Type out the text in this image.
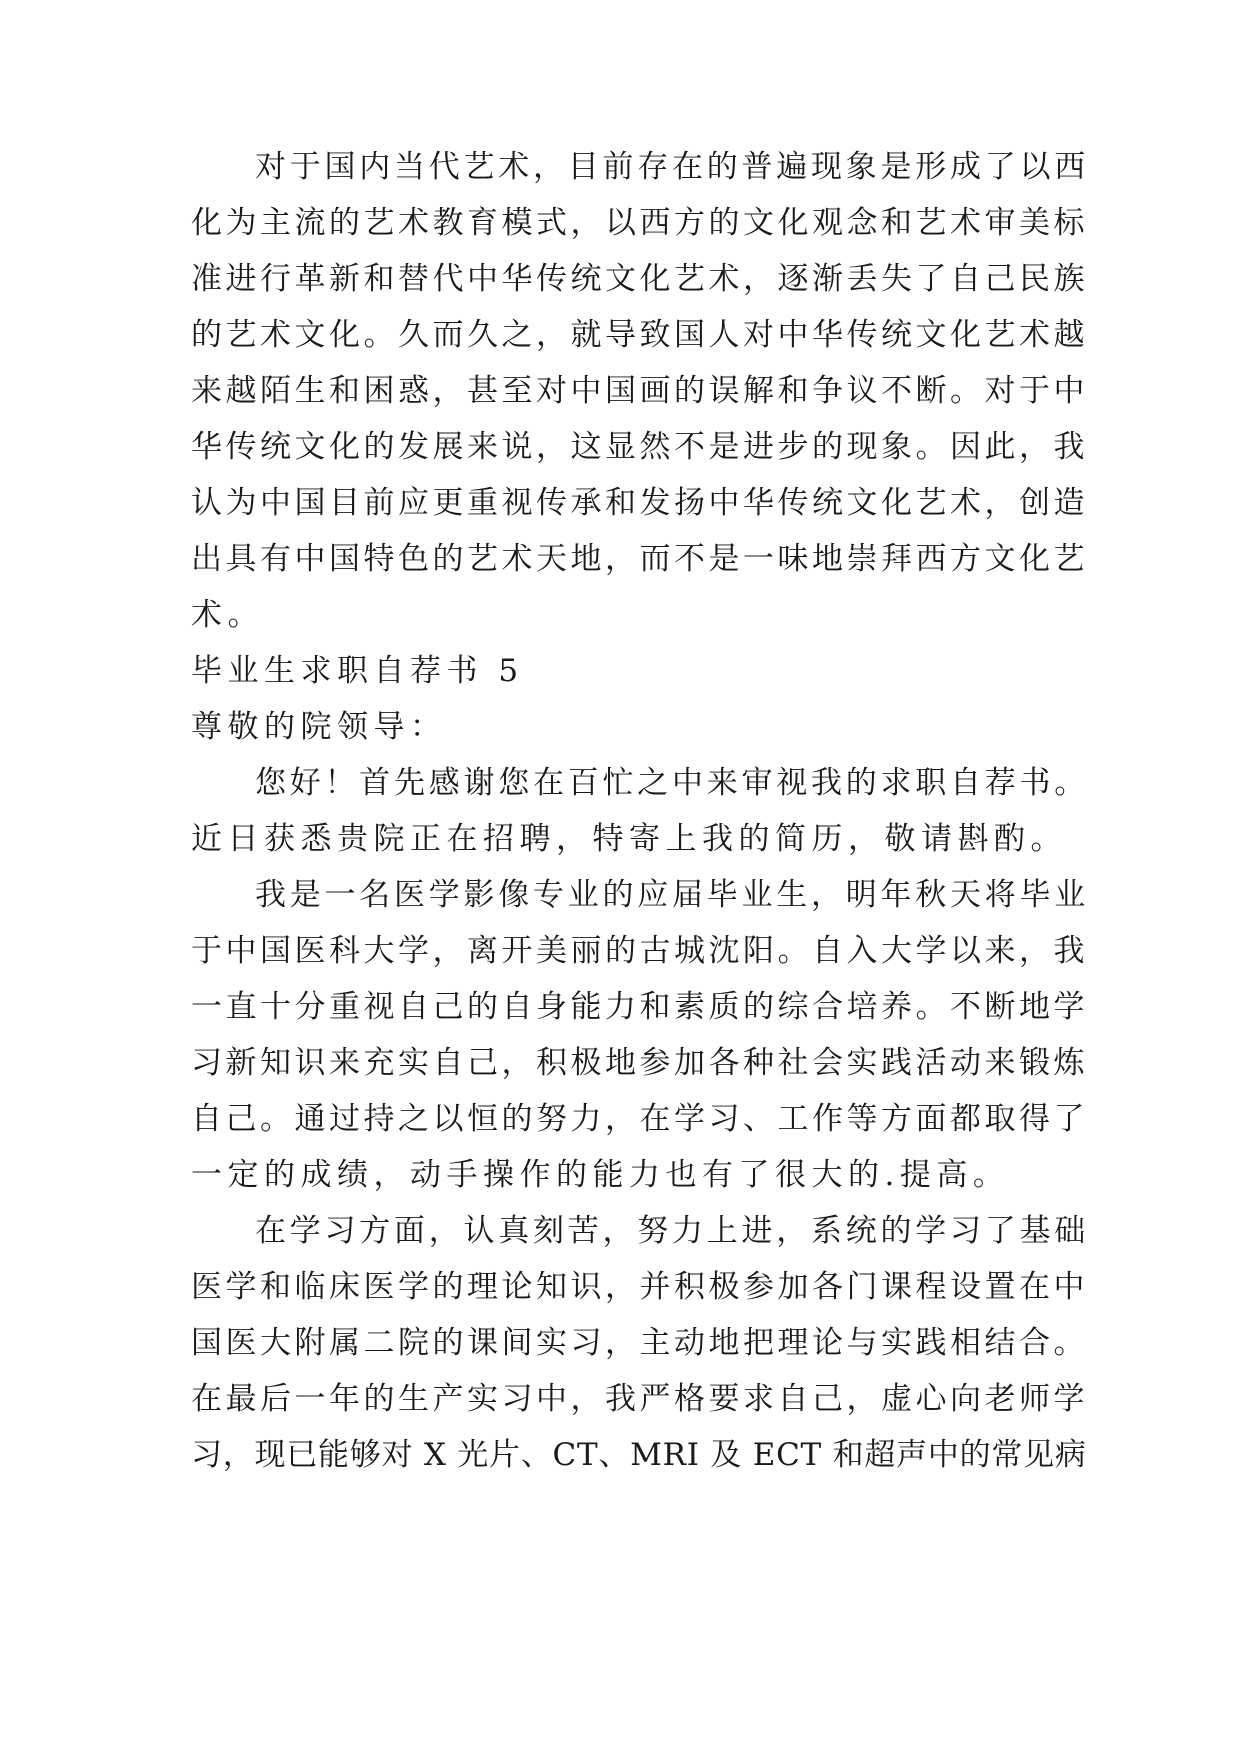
对于国内当代艺术，目前存在的普遍现象是形成了以西
化为主流的艺术教育模式，以西方的文化观念和艺术审美标
准进行革新和替代中华传统文化艺术，逐渐丢失了自己民族
的艺术文化。久而久之，就导致国人对中华传统文化艺术越
来越陌生和困惑，甚至对中国画的误解和争议不断。对于中
华传统文化的发展来说，这显然不是进步的现象。因此，我
认为中国目前应更重视传承和发扬中华传统文化艺术，创造
出具有中国特色的艺术天地，而不是一味地崇拜西方文化艺
术。
毕业生求职自荐书 5
尊敬的院领导：
您好！首先感谢您在百忙之中来审视我的求职自荐书。
近日获悉贵院正在招聘，特寄上我的简历，敬请斟酌。
我是一名医学影像专业的应届毕业生，明年秋天将毕业
于中国医科大学，离开美丽的古城沈阳。自入大学以来，我
一直十分重视自己的自身能力和素质的综合培养。不断地学
习新知识来充实自己，积极地参加各种社会实践活动来锻炼
自己。通过持之以恒的努力，在学习、工作等方面都取得了
一定的成绩，动手操作的能力也有了很大的.提高。
在学习方面，认真刻苦，努力上进，系统的学习了基础
医学和临床医学的理论知识，并积极参加各门课程设置在中
国医大附属二院的课间实习，主动地把理论与实践相结合。
在最后一年的生产实习中，我严格要求自己，虚心向老师学
习，现已能够对 X 光片、CT、MRI 及 ECT 和超声中的常见病
